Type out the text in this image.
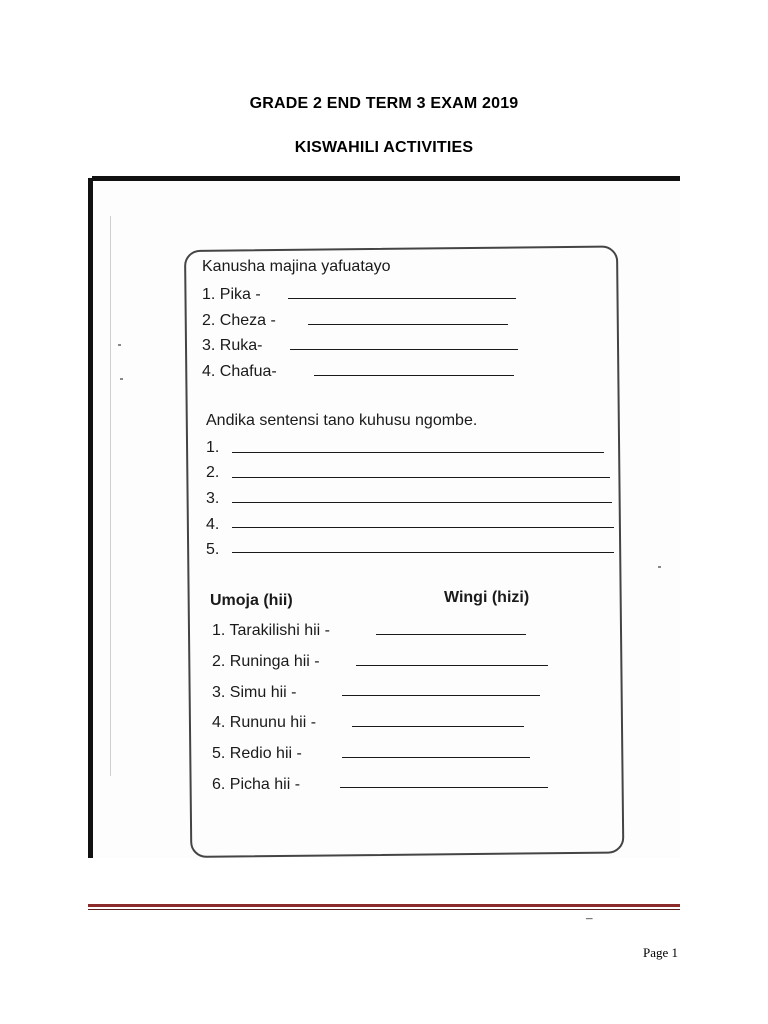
GRADE 2 END TERM 3 EXAM 2019
KISWAHILI ACTIVITIES
Kanusha majina yafuatayo
1. Pika -
2. Cheza -
3. Ruka-
4. Chafua-
Andika sentensi tano kuhusu ngombe.
1.
2.
3.
4.
5.
Umoja (hii)	Wingi (hizi)
1. Tarakilishi hii -
2. Runinga hii -
3. Simu hii -
4. Rununu hii -
5. Redio hii -
6. Picha hii -
–
Page 1
